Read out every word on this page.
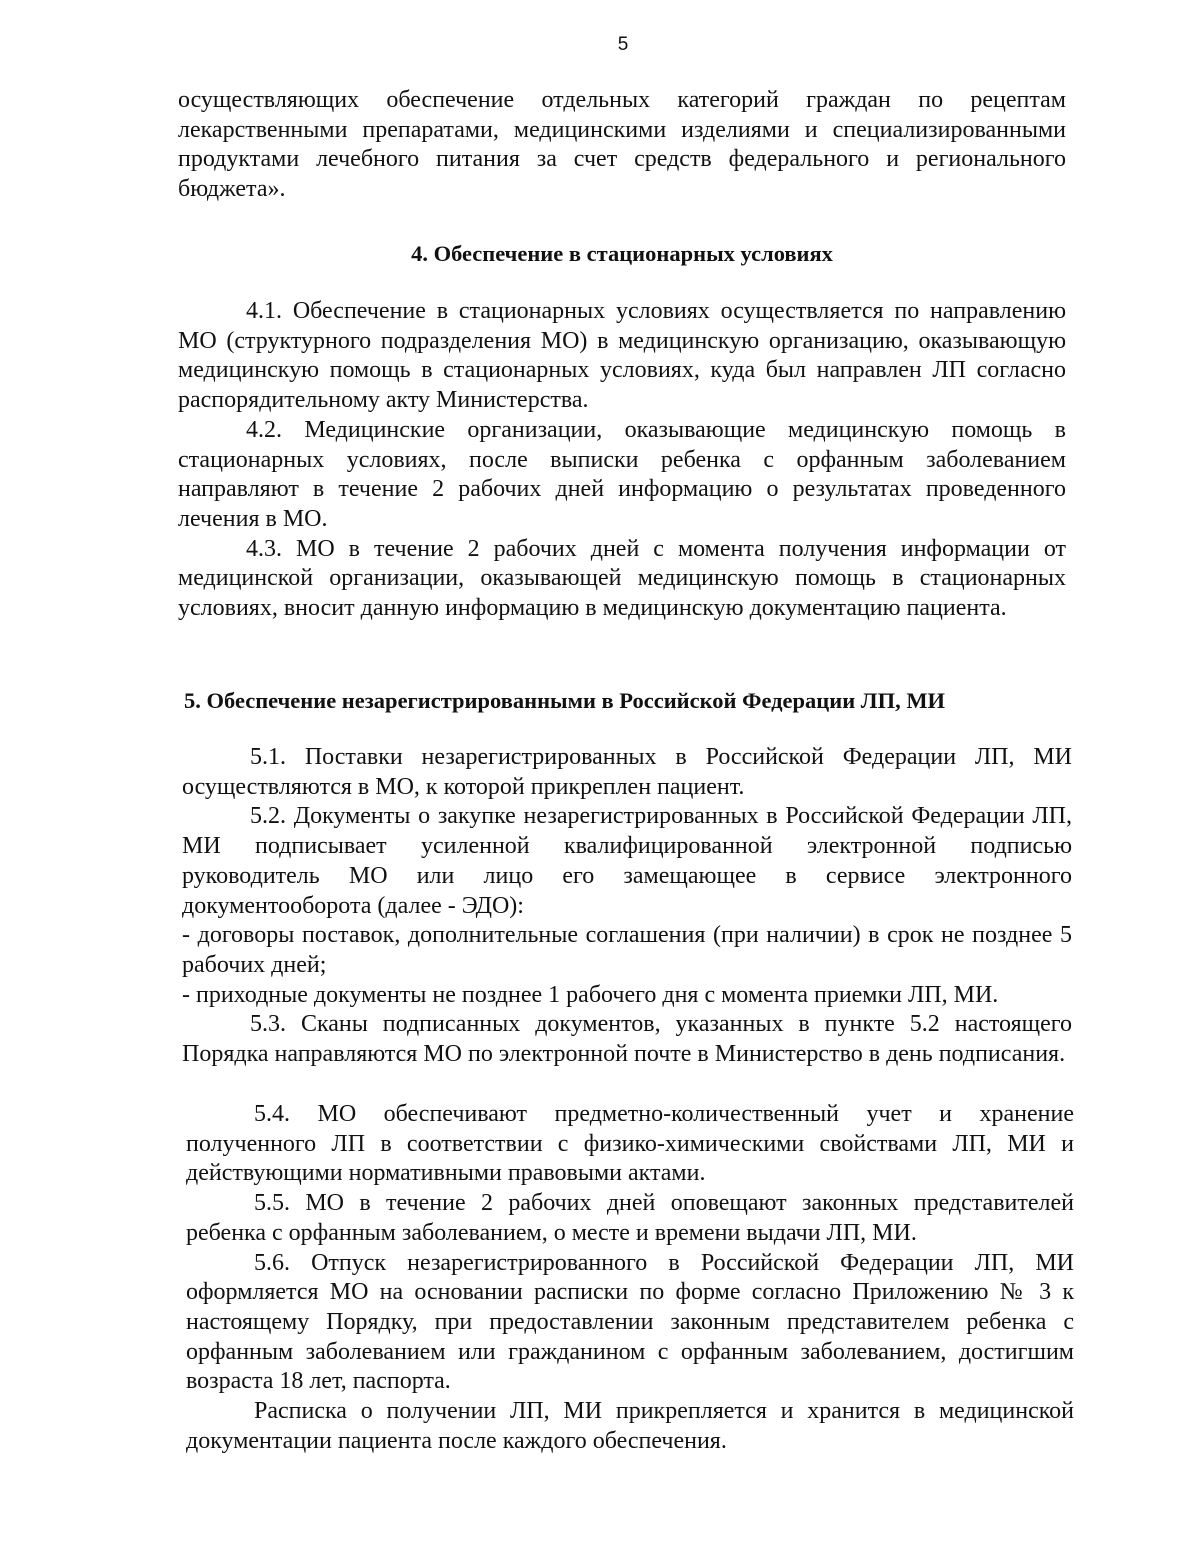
5

осуществляющих обеспечение отдельных категорий граждан по рецептам лекарственными препаратами, медицинскими изделиями и специализированными продуктами лечебного питания за счет средств федерального и регионального бюджета».

4. Обеспечение в стационарных условиях

4.1. Обеспечение в стационарных условиях осуществляется по направлению МО (структурного подразделения МО) в медицинскую организацию, оказывающую медицинскую помощь в стационарных условиях, куда был направлен ЛП согласно распорядительному акту Министерства.

4.2. Медицинские организации, оказывающие медицинскую помощь в стационарных условиях, после выписки ребенка с орфанным заболеванием направляют в течение 2 рабочих дней информацию о результатах проведенного лечения в МО.

4.3. МО в течение 2 рабочих дней с момента получения информации от медицинской организации, оказывающей медицинскую помощь в стационарных условиях, вносит данную информацию в медицинскую документацию пациента.

5. Обеспечение незарегистрированными в Российской Федерации ЛП, МИ

5.1. Поставки незарегистрированных в Российской Федерации ЛП, МИ осуществляются в МО, к которой прикреплен пациент.

5.2. Документы о закупке незарегистрированных в Российской Федерации ЛП, МИ подписывает усиленной квалифицированной электронной подписью руководитель МО или лицо его замещающее в сервисе электронного документооборота (далее - ЭДО):

- договоры поставок, дополнительные соглашения (при наличии) в срок не позднее 5 рабочих дней;

- приходные документы не позднее 1 рабочего дня с момента приемки ЛП, МИ.

5.3. Сканы подписанных документов, указанных в пункте 5.2 настоящего Порядка направляются МО по электронной почте в Министерство в день подписания.

5.4. МО обеспечивают предметно-количественный учет и хранение полученного ЛП в соответствии с физико-химическими свойствами ЛП, МИ и действующими нормативными правовыми актами.

5.5. МО в течение 2 рабочих дней оповещают законных представителей ребенка с орфанным заболеванием, о месте и времени выдачи ЛП, МИ.

5.6. Отпуск незарегистрированного в Российской Федерации ЛП, МИ оформляется МО на основании расписки по форме согласно Приложению № 3 к настоящему Порядку, при предоставлении законным представителем ребенка с орфанным заболеванием или гражданином с орфанным заболеванием, достигшим возраста 18 лет, паспорта.

Расписка о получении ЛП, МИ прикрепляется и хранится в медицинской документации пациента после каждого обеспечения.
